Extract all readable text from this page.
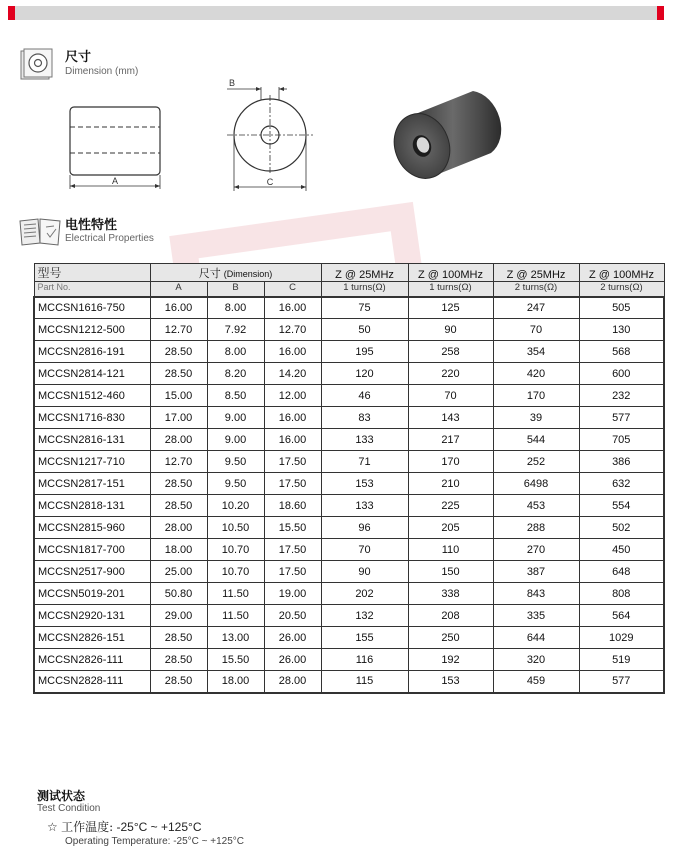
尺寸
Dimension (mm)
A
B
C
电性特性
Electrical Properties
型号	尺寸 (Dimension)			Z @ 25MHz	Z @ 100MHz	Z @ 25MHz	Z @ 100MHz
Part No.	A	B	C	1 turns(Ω)	1 turns(Ω)	2 turns(Ω)	2 turns(Ω)
MCCSN1616-750	16.00	8.00	16.00	75	125	247	505
MCCSN1212-500	12.70	7.92	12.70	50	90	70	130
MCCSN2816-191	28.50	8.00	16.00	195	258	354	568
MCCSN2814-121	28.50	8.20	14.20	120	220	420	600
MCCSN1512-460	15.00	8.50	12.00	46	70	170	232
MCCSN1716-830	17.00	9.00	16.00	83	143	39	577
MCCSN2816-131	28.00	9.00	16.00	133	217	544	705
MCCSN1217-710	12.70	9.50	17.50	71	170	252	386
MCCSN2817-151	28.50	9.50	17.50	153	210	6498	632
MCCSN2818-131	28.50	10.20	18.60	133	225	453	554
MCCSN2815-960	28.00	10.50	15.50	96	205	288	502
MCCSN1817-700	18.00	10.70	17.50	70	110	270	450
MCCSN2517-900	25.00	10.70	17.50	90	150	387	648
MCCSN5019-201	50.80	11.50	19.00	202	338	843	808
MCCSN2920-131	29.00	11.50	20.50	132	208	335	564
MCCSN2826-151	28.50	13.00	26.00	155	250	644	1029
MCCSN2826-111	28.50	15.50	26.00	116	192	320	519
MCCSN2828-111	28.50	18.00	28.00	115	153	459	577
测试状态
Test Condition
☆ 工作温度: -25°C ~ +125°C
Operating Temperature: -25°C ~ +125°C
